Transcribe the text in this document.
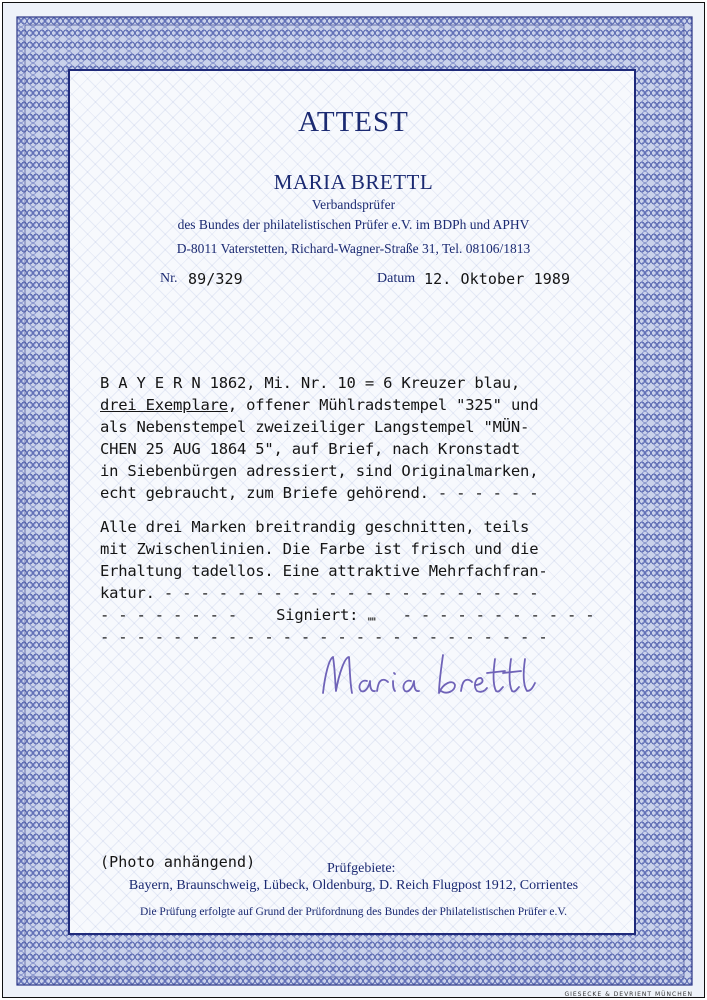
ATTEST
MARIA BRETTL
Verbandsprüfer
des Bundes der philatelistischen Prüfer e.V. im BDPh und APHV
D-8011 Vaterstetten, Richard-Wagner-Straße 31, Tel. 08106/1813
Nr. 89/329	Datum 12. Oktober 1989
B A Y E R N 1862, Mi. Nr. 10 = 6 Kreuzer blau,
drei Exemplare, offener Mühlradstempel "325" und
als Nebenstempel zweizeiliger Langstempel "MÜN-
CHEN 25 AUG 1864 5", auf Brief, nach Kronstadt
in Siebenbürgen adressiert, sind Originalmarken,
echt gebraucht, zum Briefe gehörend. - - - - - -
Alle drei Marken breitrandig geschnitten, teils
mit Zwischenlinien. Die Farbe ist frisch und die
Erhaltung tadellos. Eine attraktive Mehrfachfran-
katur. - - - - - - - - - - - - - - - - - - - - -
- - - - - - - -	Signiert: ▮▮▮▮ - - - - - - - - - - -
- - - - - - - - - - - - - - - - - - - - - - - - -
(Photo anhängend)	Prüfgebiete:
Bayern, Braunschweig, Lübeck, Oldenburg, D. Reich Flugpost 1912, Corrientes
Die Prüfung erfolgte auf Grund der Prüfordnung des Bundes der Philatelistischen Prüfer e.V.
GIESECKE & DEVRIENT MÜNCHEN
